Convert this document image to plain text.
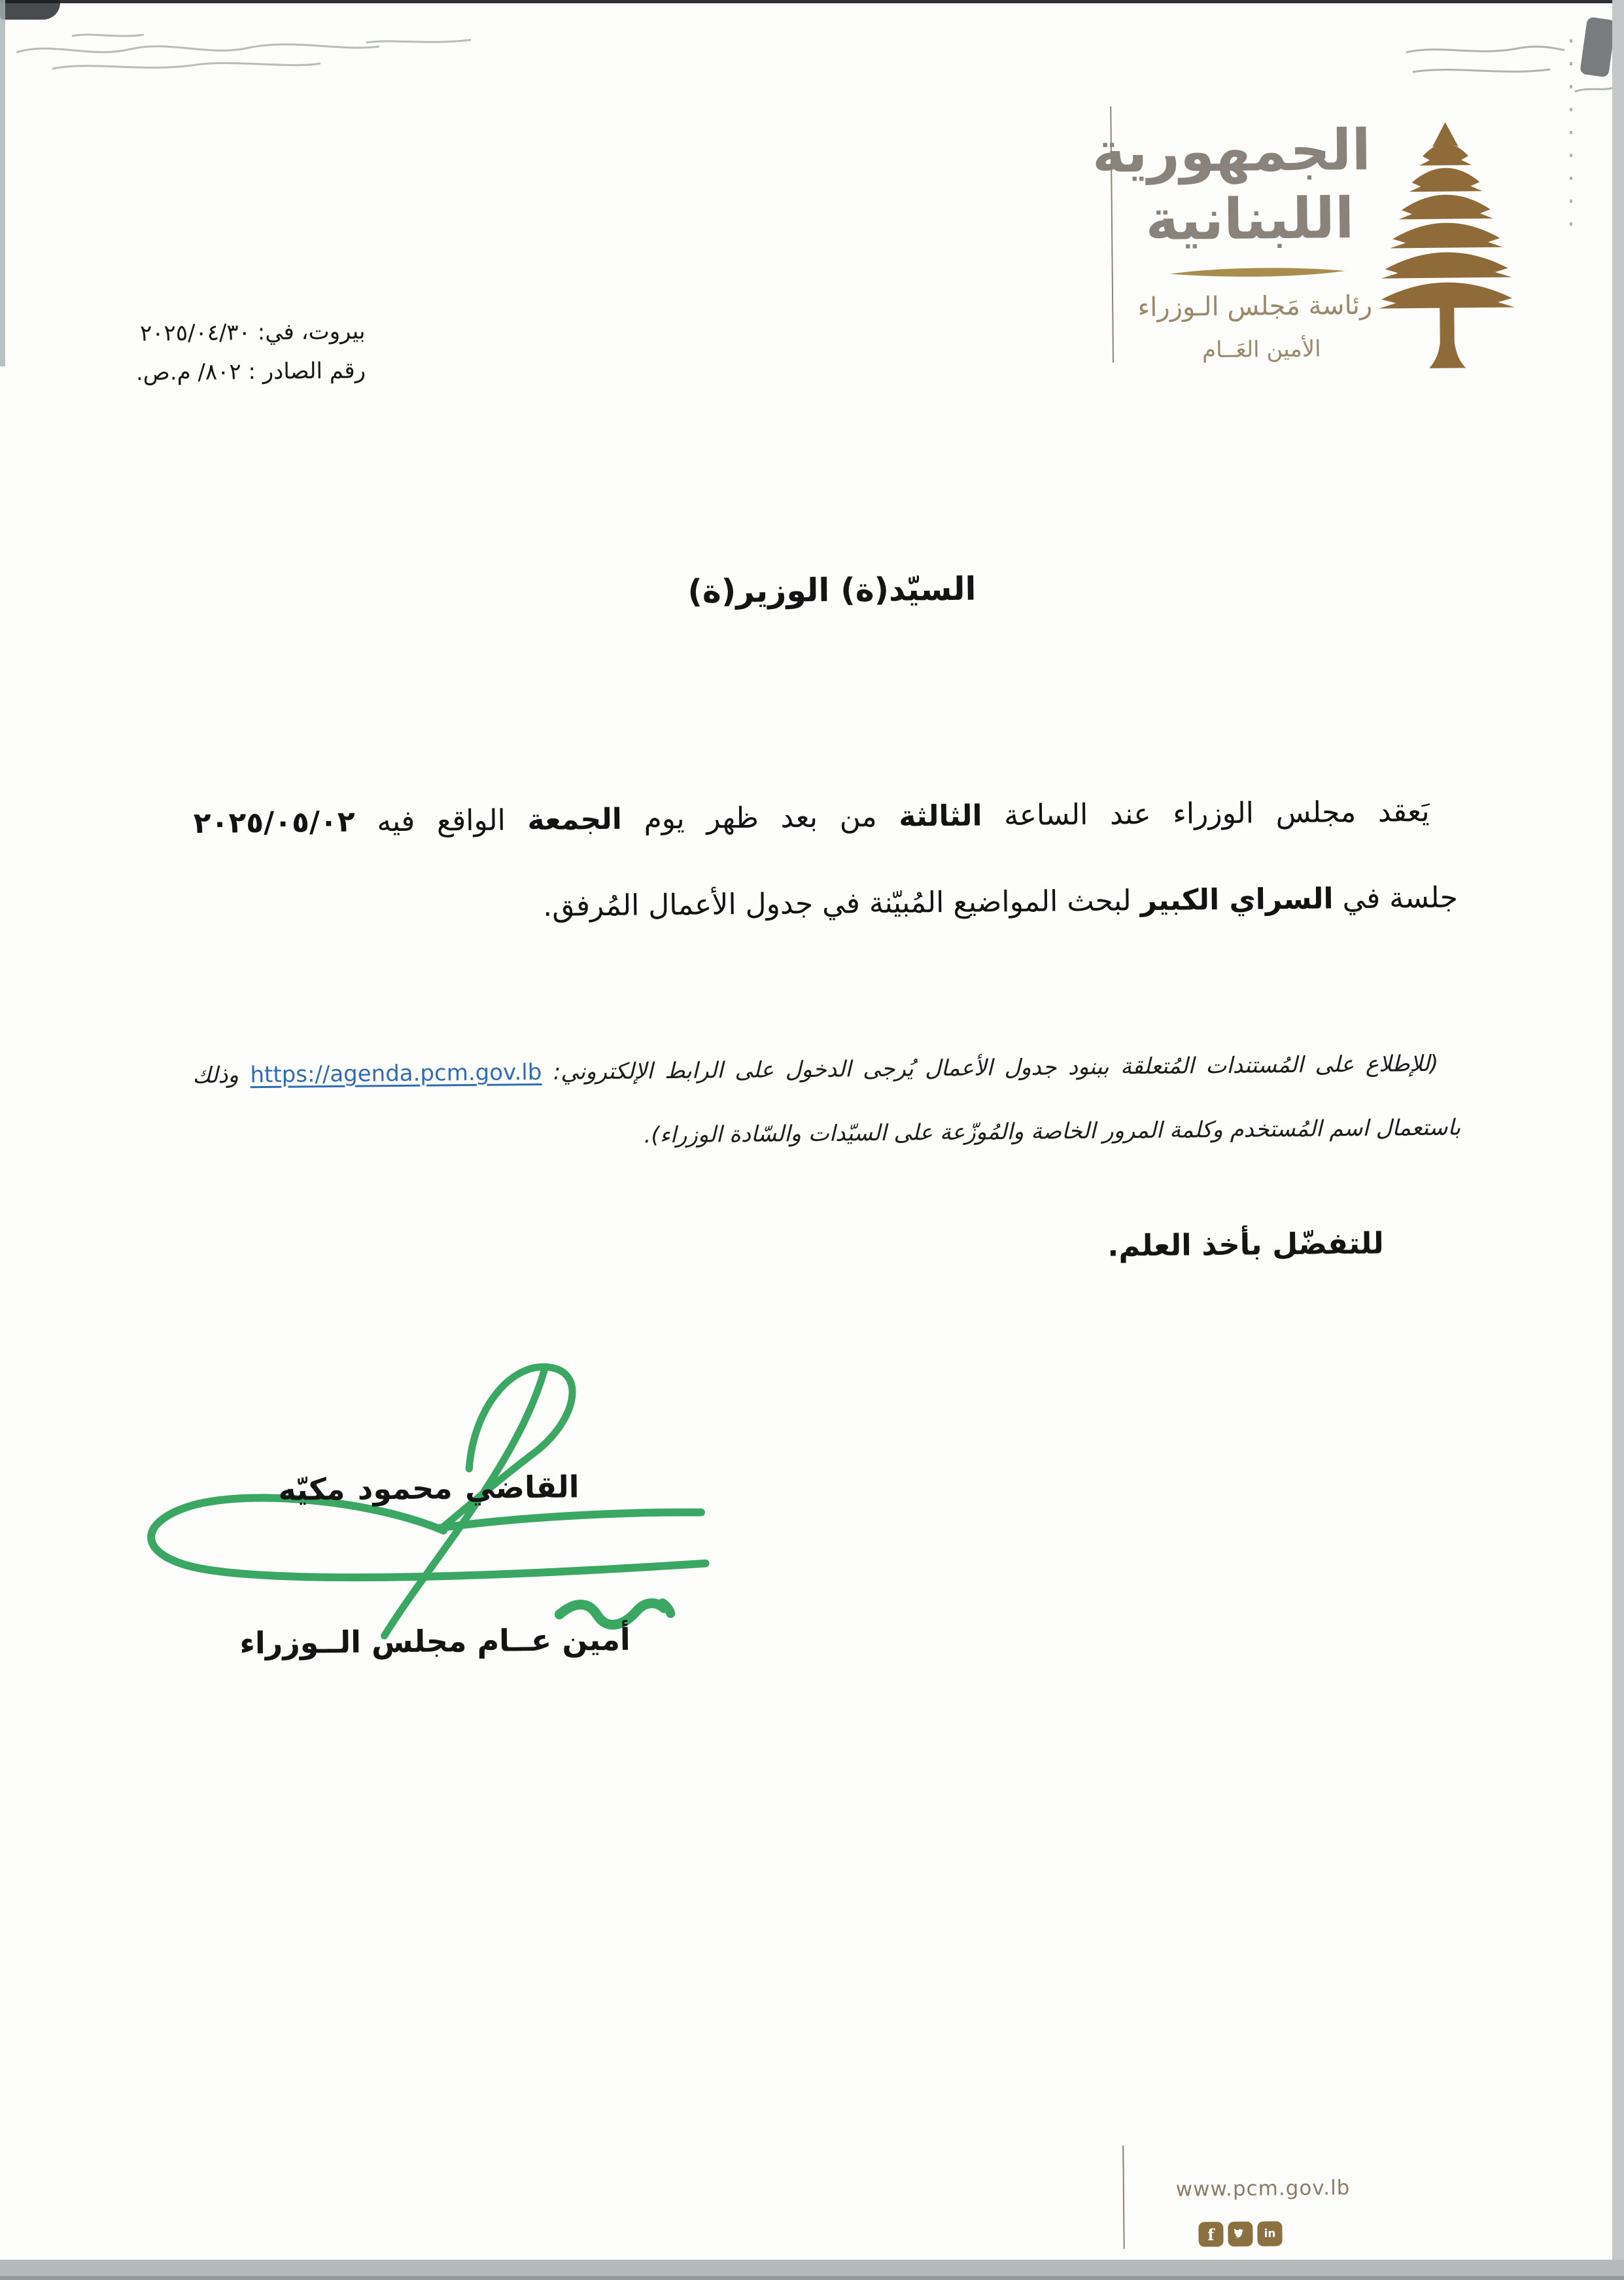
الجمهورية
اللبنانية
رئاسة مَجلس الـوزراء
الأمين العَــام
بيروت، في: ٢٠٢٥/٠٤/٣٠
رقم الصادر : ٨٠٢/ م.ص.
السيّد(ة) الوزير(ة)
يَعقد مجلس الوزراء عند الساعة الثالثة من بعد ظهر يوم الجمعة الواقع فيه ٢٠٢٥/٠٥/٠٢
جلسة في السراي الكبير لبحث المواضيع المُبيّنة في جدول الأعمال المُرفق.
(للإطلاع على المُستندات المُتعلقة ببنود جدول الأعمال يُرجى الدخول على الرابط الإلكتروني: https://agenda.pcm.gov.lb وذلك
باستعمال اسم المُستخدم وكلمة المرور الخاصة والمُوزّعة على السيّدات والسّادة الوزراء).
للتفضّل بأخذ العلم.
القاضي محمود مكيّه
أمين عــام مجلس الــوزراء
www.pcm.gov.lb
f	in
